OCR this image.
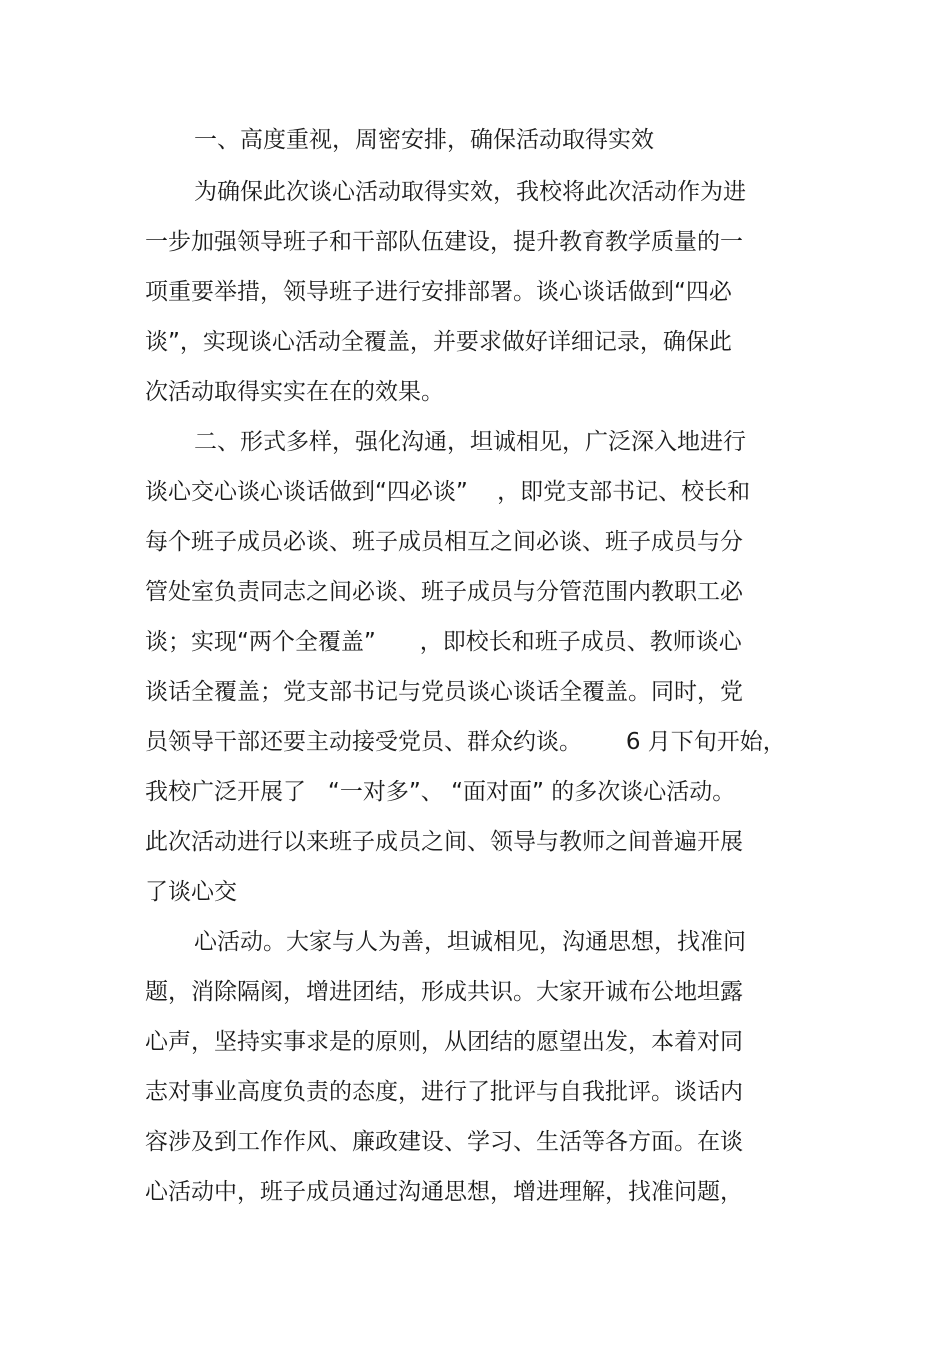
一、高度重视，周密安排，确保活动取得实效
为确保此次谈心活动取得实效，我校将此次活动作为进
一步加强领导班子和干部队伍建设，提升教育教学质量的一
项重要举措，领导班子进行安排部署。谈心谈话做到“四必
谈”，实现谈心活动全覆盖，并要求做好详细记录，确保此
次活动取得实实在在的效果。
二、形式多样，强化沟通，坦诚相见，广泛深入地进行
谈心交心谈心谈话做到“四必谈”    ，即党支部书记、校长和
每个班子成员必谈、班子成员相互之间必谈、班子成员与分
管处室负责同志之间必谈、班子成员与分管范围内教职工必
谈；实现“两个全覆盖”      ，即校长和班子成员、教师谈心
谈话全覆盖；党支部书记与党员谈心谈话全覆盖。同时，党
员领导干部还要主动接受党员、群众约谈。      6 月下旬开始，
我校广泛开展了   “一对多”、 “面对面” 的多次谈心活动。
此次活动进行以来班子成员之间、领导与教师之间普遍开展
了谈心交
心活动。大家与人为善，坦诚相见，沟通思想，找准问
题，消除隔阂，增进团结，形成共识。大家开诚布公地坦露
心声，坚持实事求是的原则，从团结的愿望出发，本着对同
志对事业高度负责的态度，进行了批评与自我批评。谈话内
容涉及到工作作风、廉政建设、学习、生活等各方面。在谈
心活动中，班子成员通过沟通思想，增进理解，找准问题，
